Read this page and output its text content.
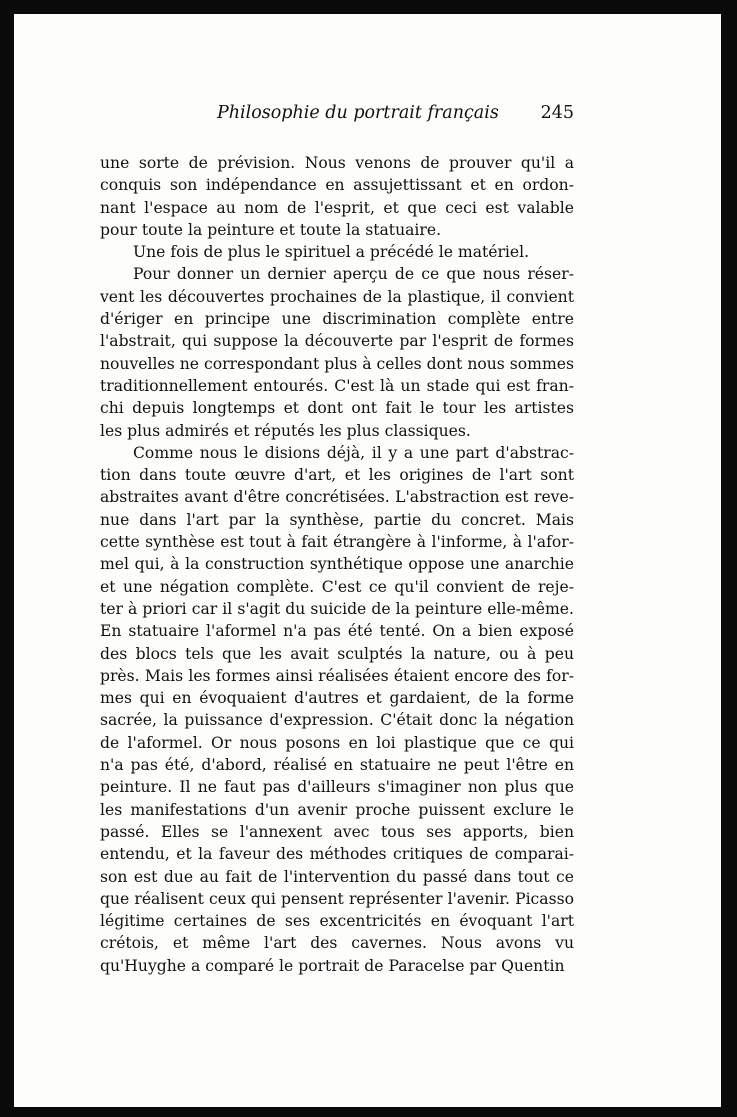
Philosophie du portrait français 245
une sorte de prévision. Nous venons de prouver qu'il a
conquis son indépendance en assujettissant et en ordon-
nant l'espace au nom de l'esprit, et que ceci est valable
pour toute la peinture et toute la statuaire.
Une fois de plus le spirituel a précédé le matériel.
Pour donner un dernier aperçu de ce que nous réser-
vent les découvertes prochaines de la plastique, il convient
d'ériger en principe une discrimination complète entre
l'abstrait, qui suppose la découverte par l'esprit de formes
nouvelles ne correspondant plus à celles dont nous sommes
traditionnellement entourés. C'est là un stade qui est fran-
chi depuis longtemps et dont ont fait le tour les artistes
les plus admirés et réputés les plus classiques.
Comme nous le disions déjà, il y a une part d'abstrac-
tion dans toute œuvre d'art, et les origines de l'art sont
abstraites avant d'être concrétisées. L'abstraction est reve-
nue dans l'art par la synthèse, partie du concret. Mais
cette synthèse est tout à fait étrangère à l'informe, à l'afor-
mel qui, à la construction synthétique oppose une anarchie
et une négation complète. C'est ce qu'il convient de reje-
ter à priori car il s'agit du suicide de la peinture elle-même.
En statuaire l'aformel n'a pas été tenté. On a bien exposé
des blocs tels que les avait sculptés la nature, ou à peu
près. Mais les formes ainsi réalisées étaient encore des for-
mes qui en évoquaient d'autres et gardaient, de la forme
sacrée, la puissance d'expression. C'était donc la négation
de l'aformel. Or nous posons en loi plastique que ce qui
n'a pas été, d'abord, réalisé en statuaire ne peut l'être en
peinture. Il ne faut pas d'ailleurs s'imaginer non plus que
les manifestations d'un avenir proche puissent exclure le
passé. Elles se l'annexent avec tous ses apports, bien
entendu, et la faveur des méthodes critiques de comparai-
son est due au fait de l'intervention du passé dans tout ce
que réalisent ceux qui pensent représenter l'avenir. Picasso
légitime certaines de ses excentricités en évoquant l'art
crétois, et même l'art des cavernes. Nous avons vu
qu'Huyghe a comparé le portrait de Paracelse par Quentin
